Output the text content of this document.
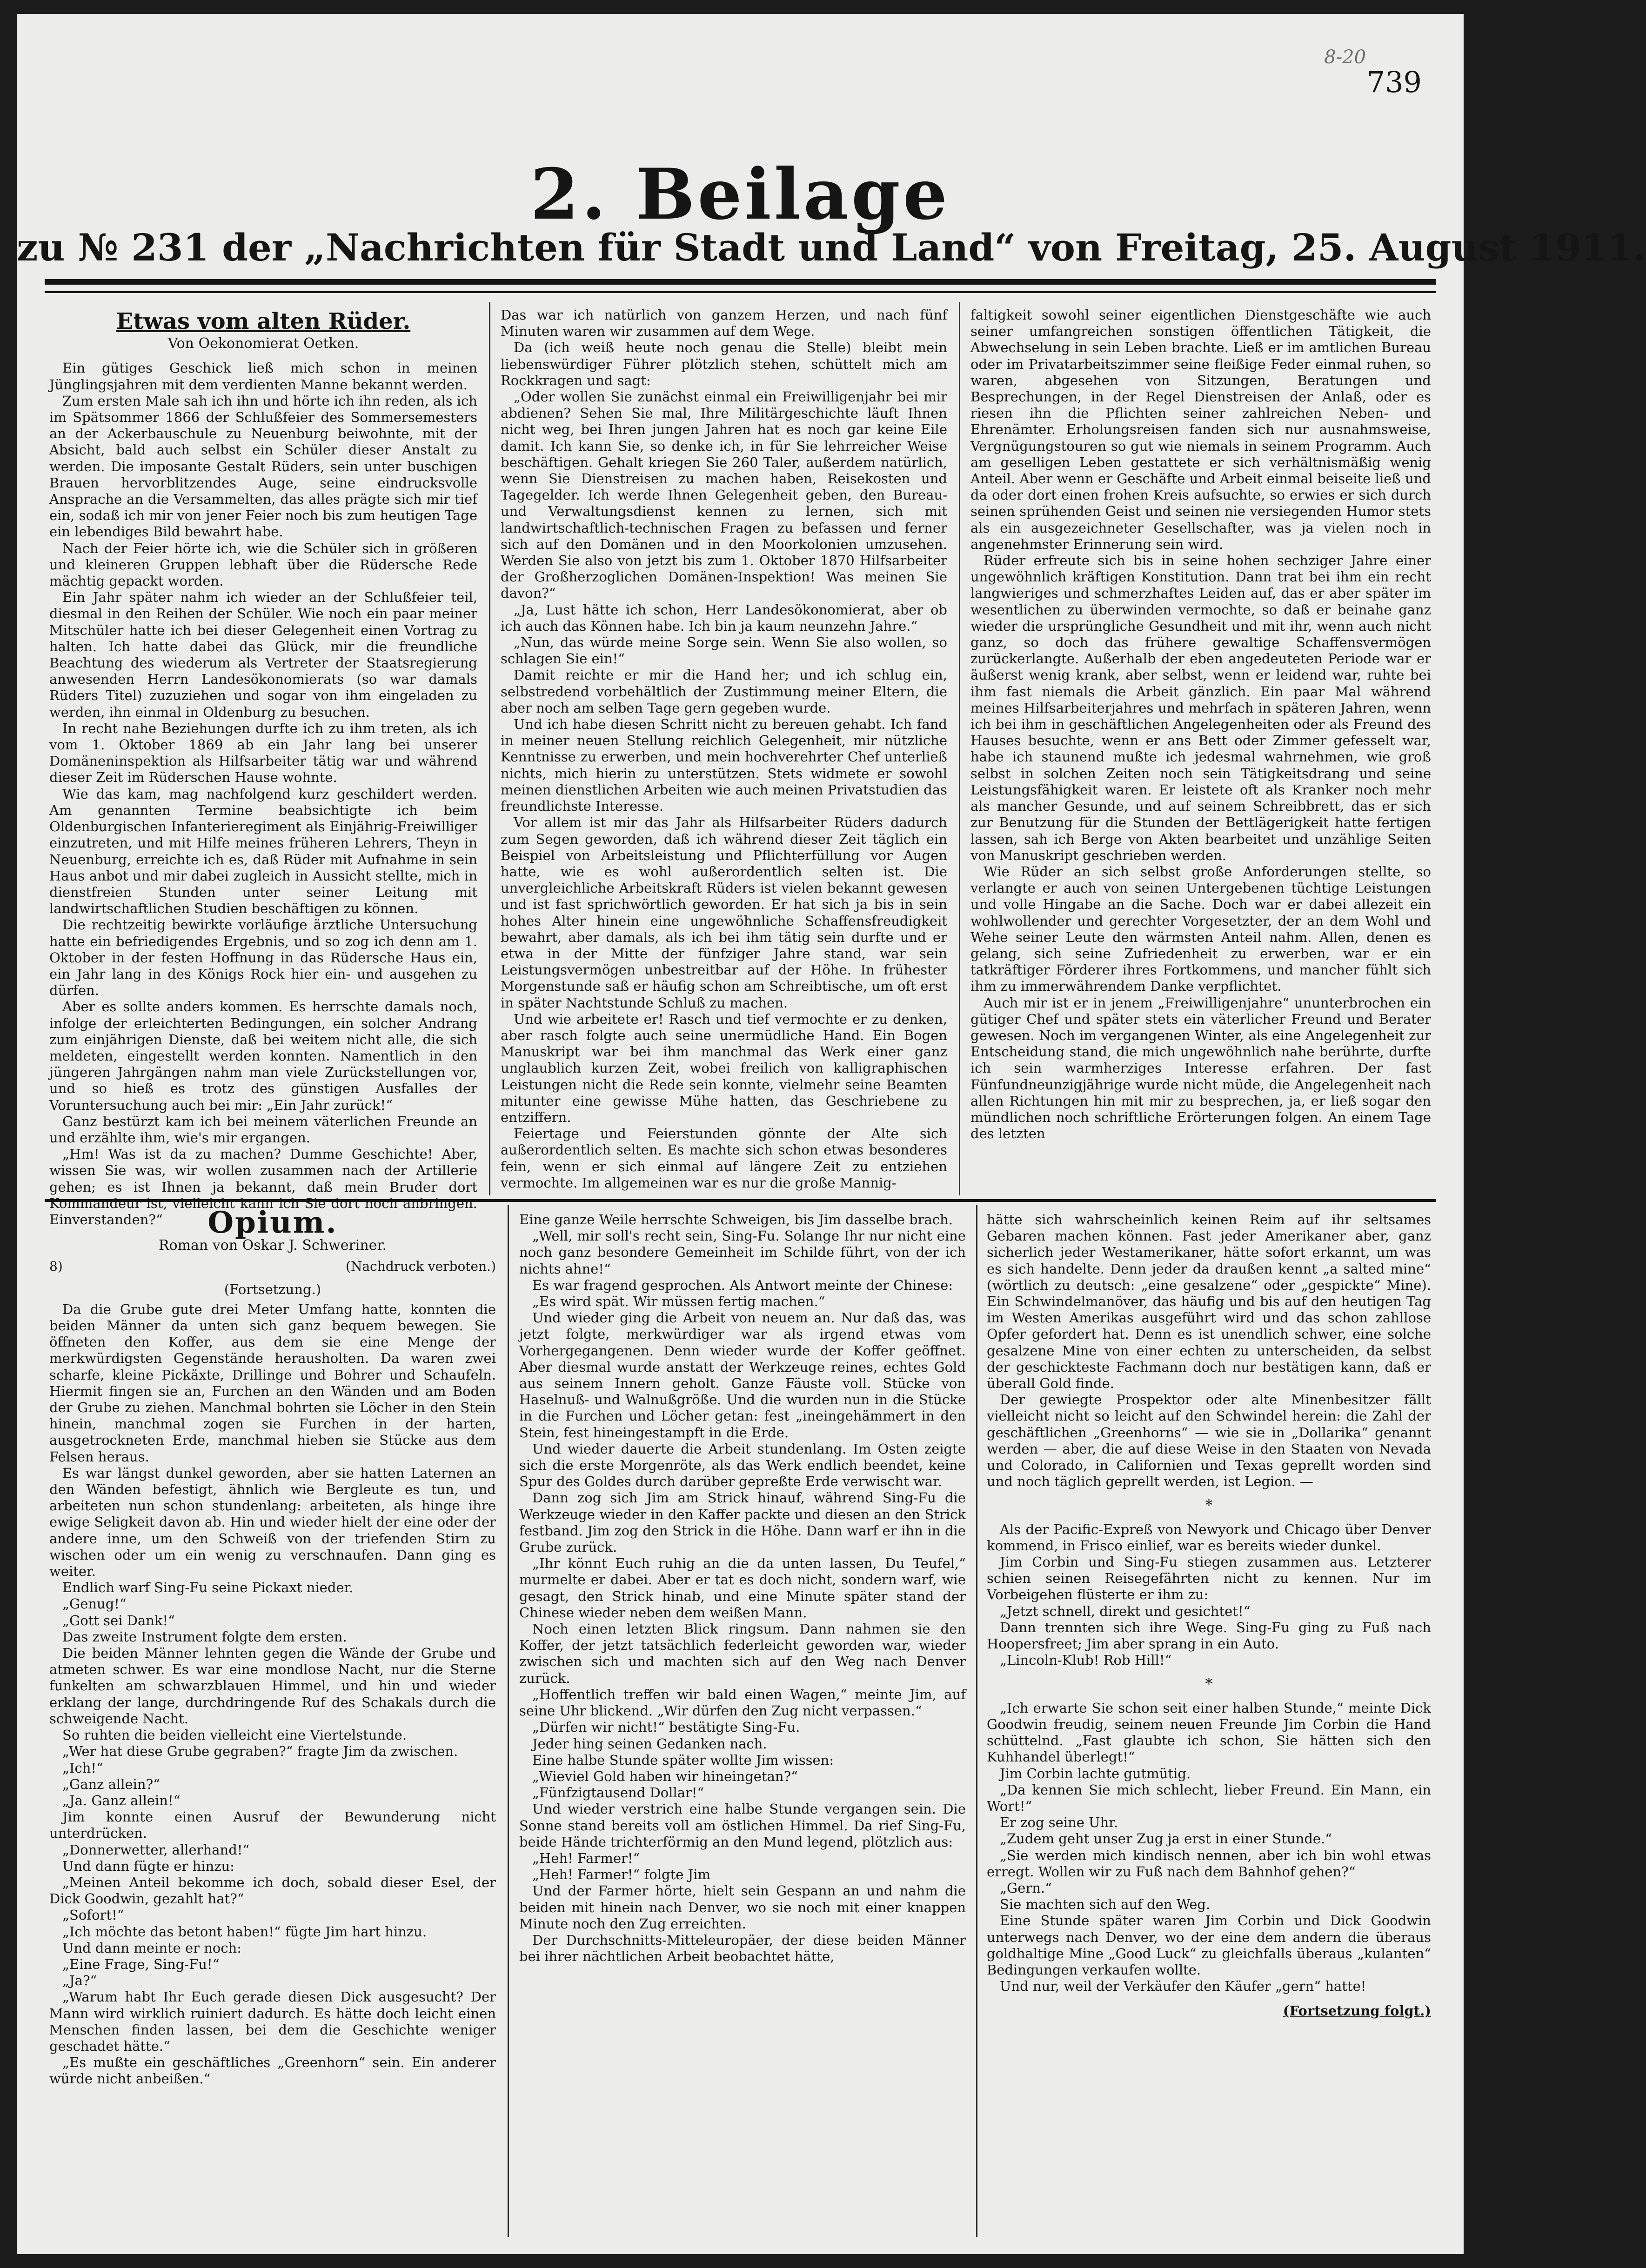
8-20
739
2. Beilage
zu № 231 der „Nachrichten für Stadt und Land“ von Freitag, 25. August 1911.
Etwas vom alten Rüder.
Von Oekonomierat Oetken.

Ein gütiges Geschick ließ mich schon in meinen Jünglingsjahren mit dem verdienten Manne bekannt werden.

Zum ersten Male sah ich ihn und hörte ich ihn reden, als ich im Spätsommer 1866 der Schlußfeier des Sommersemesters an der Ackerbauschule zu Neuenburg beiwohnte, mit der Absicht, bald auch selbst ein Schüler dieser Anstalt zu werden. Die imposante Gestalt Rüders, sein unter buschigen Brauen hervorblitzendes Auge, seine eindrucksvolle Ansprache an die Versammelten, das alles prägte sich mir tief ein, sodaß ich mir von jener Feier noch bis zum heutigen Tage ein lebendiges Bild bewahrt habe.

Nach der Feier hörte ich, wie die Schüler sich in größeren und kleineren Gruppen lebhaft über die Rüdersche Rede mächtig gepackt worden.

Ein Jahr später nahm ich wieder an der Schlußfeier teil, diesmal in den Reihen der Schüler. Wie noch ein paar meiner Mitschüler hatte ich bei dieser Gelegenheit einen Vortrag zu halten. Ich hatte dabei das Glück, mir die freundliche Beachtung des wiederum als Vertreter der Staatsregierung anwesenden Herrn Landesökonomierats (so war damals Rüders Titel) zuzuziehen und sogar von ihm eingeladen zu werden, ihn einmal in Oldenburg zu besuchen.

In recht nahe Beziehungen durfte ich zu ihm treten, als ich vom 1. Oktober 1869 ab ein Jahr lang bei unserer Domäneninspektion als Hilfsarbeiter tätig war und während dieser Zeit im Rüderschen Hause wohnte.

Wie das kam, mag nachfolgend kurz geschildert werden. Am genannten Termine beabsichtigte ich beim Oldenburgischen Infanterieregiment als Einjährig-Freiwilliger einzutreten, und mit Hilfe meines früheren Lehrers, Theyn in Neuenburg, erreichte ich es, daß Rüder mit Aufnahme in sein Haus anbot und mir dabei zugleich in Aussicht stellte, mich in dienstfreien Stunden unter seiner Leitung mit landwirtschaftlichen Studien beschäftigen zu können.

Die rechtzeitig bewirkte vorläufige ärztliche Untersuchung hatte ein befriedigendes Ergebnis, und so zog ich denn am 1. Oktober in der festen Hoffnung in das Rüdersche Haus ein, ein Jahr lang in des Königs Rock hier ein- und ausgehen zu dürfen.

Aber es sollte anders kommen. Es herrschte damals noch, infolge der erleichterten Bedingungen, ein solcher Andrang zum einjährigen Dienste, daß bei weitem nicht alle, die sich meldeten, eingestellt werden konnten. Namentlich in den jüngeren Jahrgängen nahm man viele Zurückstellungen vor, und so hieß es trotz des günstigen Ausfalles der Voruntersuchung auch bei mir: „Ein Jahr zurück!“

Ganz bestürzt kam ich bei meinem väterlichen Freunde an und erzählte ihm, wie's mir ergangen.

„Hm! Was ist da zu machen? Dumme Geschichte! Aber, wissen Sie was, wir wollen zusammen nach der Artillerie gehen; es ist Ihnen ja bekannt, daß mein Bruder dort Kommandeur ist, vielleicht kann ich Sie dort noch anbringen. Einverstanden?“

Das war ich natürlich von ganzem Herzen, und nach fünf Minuten waren wir zusammen auf dem Wege.

Da (ich weiß heute noch genau die Stelle) bleibt mein liebenswürdiger Führer plötzlich stehen, schüttelt mich am Rockkragen und sagt:

„Oder wollen Sie zunächst einmal ein Freiwilligenjahr bei mir abdienen? Sehen Sie mal, Ihre Militärgeschichte läuft Ihnen nicht weg, bei Ihren jungen Jahren hat es noch gar keine Eile damit. Ich kann Sie, so denke ich, in für Sie lehrreicher Weise beschäftigen. Gehalt kriegen Sie 260 Taler, außerdem natürlich, wenn Sie Dienstreisen zu machen haben, Reisekosten und Tagegelder. Ich werde Ihnen Gelegenheit geben, den Bureau- und Verwaltungsdienst kennen zu lernen, sich mit landwirtschaftlich-technischen Fragen zu befassen und ferner sich auf den Domänen und in den Moorkolonien umzusehen. Werden Sie also von jetzt bis zum 1. Oktober 1870 Hilfsarbeiter der Großherzoglichen Domänen-Inspektion! Was meinen Sie davon?“

„Ja, Lust hätte ich schon, Herr Landesökonomierat, aber ob ich auch das Können habe. Ich bin ja kaum neunzehn Jahre.“

„Nun, das würde meine Sorge sein. Wenn Sie also wollen, so schlagen Sie ein!“

Damit reichte er mir die Hand her; und ich schlug ein, selbstredend vorbehältlich der Zustimmung meiner Eltern, die aber noch am selben Tage gern gegeben wurde.

Und ich habe diesen Schritt nicht zu bereuen gehabt. Ich fand in meiner neuen Stellung reichlich Gelegenheit, mir nützliche Kenntnisse zu erwerben, und mein hochverehrter Chef unterließ nichts, mich hierin zu unterstützen. Stets widmete er sowohl meinen dienstlichen Arbeiten wie auch meinen Privatstudien das freundlichste Interesse.

Vor allem ist mir das Jahr als Hilfsarbeiter Rüders dadurch zum Segen geworden, daß ich während dieser Zeit täglich ein Beispiel von Arbeitsleistung und Pflichterfüllung vor Augen hatte, wie es wohl außerordentlich selten ist. Die unvergleichliche Arbeitskraft Rüders ist vielen bekannt gewesen und ist fast sprichwörtlich geworden. Er hat sich ja bis in sein hohes Alter hinein eine ungewöhnliche Schaffensfreudigkeit bewahrt, aber damals, als ich bei ihm tätig sein durfte und er etwa in der Mitte der fünfziger Jahre stand, war sein Leistungsvermögen unbestreitbar auf der Höhe. In frühester Morgenstunde saß er häufig schon am Schreibtische, um oft erst in später Nachtstunde Schluß zu machen.

Und wie arbeitete er! Rasch und tief vermochte er zu denken, aber rasch folgte auch seine unermüdliche Hand. Ein Bogen Manuskript war bei ihm manchmal das Werk einer ganz unglaublich kurzen Zeit, wobei freilich von kalligraphischen Leistungen nicht die Rede sein konnte, vielmehr seine Beamten mitunter eine gewisse Mühe hatten, das Geschriebene zu entziffern.

Feiertage und Feierstunden gönnte der Alte sich außerordentlich selten. Es machte sich schon etwas besonderes fein, wenn er sich einmal auf längere Zeit zu entziehen vermochte. Im allgemeinen war es nur die große Mannig-

faltigkeit sowohl seiner eigentlichen Dienstgeschäfte wie auch seiner umfangreichen sonstigen öffentlichen Tätigkeit, die Abwechselung in sein Leben brachte. Ließ er im amtlichen Bureau oder im Privatarbeitszimmer seine fleißige Feder einmal ruhen, so waren, abgesehen von Sitzungen, Beratungen und Besprechungen, in der Regel Dienstreisen der Anlaß, oder es riesen ihn die Pflichten seiner zahlreichen Neben- und Ehrenämter. Erholungsreisen fanden sich nur ausnahmsweise, Vergnügungstouren so gut wie niemals in seinem Programm. Auch am geselligen Leben gestattete er sich verhältnismäßig wenig Anteil. Aber wenn er Geschäfte und Arbeit einmal beiseite ließ und da oder dort einen frohen Kreis aufsuchte, so erwies er sich durch seinen sprühenden Geist und seinen nie versiegenden Humor stets als ein ausgezeichneter Gesellschafter, was ja vielen noch in angenehmster Erinnerung sein wird.

Rüder erfreute sich bis in seine hohen sechziger Jahre einer ungewöhnlich kräftigen Konstitution. Dann trat bei ihm ein recht langwieriges und schmerzhaftes Leiden auf, das er aber später im wesentlichen zu überwinden vermochte, so daß er beinahe ganz wieder die ursprüngliche Gesundheit und mit ihr, wenn auch nicht ganz, so doch das frühere gewaltige Schaffensvermögen zurückerlangte. Außerhalb der eben angedeuteten Periode war er äußerst wenig krank, aber selbst, wenn er leidend war, ruhte bei ihm fast niemals die Arbeit gänzlich. Ein paar Mal während meines Hilfsarbeiterjahres und mehrfach in späteren Jahren, wenn ich bei ihm in geschäftlichen Angelegenheiten oder als Freund des Hauses besuchte, wenn er ans Bett oder Zimmer gefesselt war, habe ich staunend mußte ich jedesmal wahrnehmen, wie groß selbst in solchen Zeiten noch sein Tätigkeitsdrang und seine Leistungsfähigkeit waren. Er leistete oft als Kranker noch mehr als mancher Gesunde, und auf seinem Schreibbrett, das er sich zur Benutzung für die Stunden der Bettlägerigkeit hatte fertigen lassen, sah ich Berge von Akten bearbeitet und unzählige Seiten von Manuskript geschrieben werden.

Wie Rüder an sich selbst große Anforderungen stellte, so verlangte er auch von seinen Untergebenen tüchtige Leistungen und volle Hingabe an die Sache. Doch war er dabei allezeit ein wohlwollender und gerechter Vorgesetzter, der an dem Wohl und Wehe seiner Leute den wärmsten Anteil nahm. Allen, denen es gelang, sich seine Zufriedenheit zu erwerben, war er ein tatkräftiger Förderer ihres Fortkommens, und mancher fühlt sich ihm zu immerwährendem Danke verpflichtet.

Auch mir ist er in jenem „Freiwilligenjahre“ ununterbrochen ein gütiger Chef und später stets ein väterlicher Freund und Berater gewesen. Noch im vergangenen Winter, als eine Angelegenheit zur Entscheidung stand, die mich ungewöhnlich nahe berührte, durfte ich sein warmherziges Interesse erfahren. Der fast Fünfundneunzigjährige wurde nicht müde, die Angelegenheit nach allen Richtungen hin mit mir zu besprechen, ja, er ließ sogar den mündlichen noch schriftliche Erörterungen folgen. An einem Tage des letzten

Opium.
Roman von Oskar J. Schweriner.
8)	(Nachdruck verboten.)
(Fortsetzung.)

Da die Grube gute drei Meter Umfang hatte, konnten die beiden Männer da unten sich ganz bequem bewegen. Sie öffneten den Koffer, aus dem sie eine Menge der merkwürdigsten Gegenstände herausholten. Da waren zwei scharfe, kleine Pickäxte, Drillinge und Bohrer und Schaufeln. Hiermit fingen sie an, Furchen an den Wänden und am Boden der Grube zu ziehen. Manchmal bohrten sie Löcher in den Stein hinein, manchmal zogen sie Furchen in der harten, ausgetrockneten Erde, manchmal hieben sie Stücke aus dem Felsen heraus.

Es war längst dunkel geworden, aber sie hatten Laternen an den Wänden befestigt, ähnlich wie Bergleute es tun, und arbeiteten nun schon stundenlang: arbeiteten, als hinge ihre ewige Seligkeit davon ab. Hin und wieder hielt der eine oder der andere inne, um den Schweiß von der triefenden Stirn zu wischen oder um ein wenig zu verschnaufen. Dann ging es weiter.

Endlich warf Sing-Fu seine Pickaxt nieder.

„Genug!“

„Gott sei Dank!“

Das zweite Instrument folgte dem ersten.

Die beiden Männer lehnten gegen die Wände der Grube und atmeten schwer. Es war eine mondlose Nacht, nur die Sterne funkelten am schwarzblauen Himmel, und hin und wieder erklang der lange, durchdringende Ruf des Schakals durch die schweigende Nacht.

So ruhten die beiden vielleicht eine Viertelstunde.

„Wer hat diese Grube gegraben?“ fragte Jim da zwischen.

„Ich!“

„Ganz allein?“

„Ja. Ganz allein!“

Jim konnte einen Ausruf der Bewunderung nicht unterdrücken.

„Donnerwetter, allerhand!“

Und dann fügte er hinzu:

„Meinen Anteil bekomme ich doch, sobald dieser Esel, der Dick Goodwin, gezahlt hat?“

„Sofort!“

„Ich möchte das betont haben!“ fügte Jim hart hinzu.

Und dann meinte er noch:

„Eine Frage, Sing-Fu!“

„Ja?“

„Warum habt Ihr Euch gerade diesen Dick ausgesucht? Der Mann wird wirklich ruiniert dadurch. Es hätte doch leicht einen Menschen finden lassen, bei dem die Geschichte weniger geschadet hätte.“

„Es mußte ein geschäftliches „Greenhorn“ sein. Ein anderer würde nicht anbeißen.“

Eine ganze Weile herrschte Schweigen, bis Jim dasselbe brach.

„Well, mir soll's recht sein, Sing-Fu. Solange Ihr nur nicht eine noch ganz besondere Gemeinheit im Schilde führt, von der ich nichts ahne!“

Es war fragend gesprochen. Als Antwort meinte der Chinese:

„Es wird spät. Wir müssen fertig machen.“

Und wieder ging die Arbeit von neuem an. Nur daß das, was jetzt folgte, merkwürdiger war als irgend etwas vom Vorhergegangenen. Denn wieder wurde der Koffer geöffnet. Aber diesmal wurde anstatt der Werkzeuge reines, echtes Gold aus seinem Innern geholt. Ganze Fäuste voll. Stücke von Haselnuß- und Walnußgröße. Und die wurden nun in die Stücke in die Furchen und Löcher getan: fest „ineingehämmert in den Stein, fest hineingestampft in die Erde.

Und wieder dauerte die Arbeit stundenlang. Im Osten zeigte sich die erste Morgenröte, als das Werk endlich beendet, keine Spur des Goldes durch darüber gepreßte Erde verwischt war.

Dann zog sich Jim am Strick hinauf, während Sing-Fu die Werkzeuge wieder in den Kaffer packte und diesen an den Strick festband. Jim zog den Strick in die Höhe. Dann warf er ihn in die Grube zurück.

„Ihr könnt Euch ruhig an die da unten lassen, Du Teufel,“ murmelte er dabei. Aber er tat es doch nicht, sondern warf, wie gesagt, den Strick hinab, und eine Minute später stand der Chinese wieder neben dem weißen Mann.

Noch einen letzten Blick ringsum. Dann nahmen sie den Koffer, der jetzt tatsächlich federleicht geworden war, wieder zwischen sich und machten sich auf den Weg nach Denver zurück.

„Hoffentlich treffen wir bald einen Wagen,“ meinte Jim, auf seine Uhr blickend. „Wir dürfen den Zug nicht verpassen.“

„Dürfen wir nicht!“ bestätigte Sing-Fu.

Jeder hing seinen Gedanken nach.

Eine halbe Stunde später wollte Jim wissen:

„Wieviel Gold haben wir hineingetan?“

„Fünfzigtausend Dollar!“

Und wieder verstrich eine halbe Stunde vergangen sein. Die Sonne stand bereits voll am östlichen Himmel. Da rief Sing-Fu, beide Hände trichterförmig an den Mund legend, plötzlich aus:

„Heh! Farmer!“

„Heh! Farmer!“ folgte Jim

Und der Farmer hörte, hielt sein Gespann an und nahm die beiden mit hinein nach Denver, wo sie noch mit einer knappen Minute noch den Zug erreichten.

Der Durchschnitts-Mitteleuropäer, der diese beiden Männer bei ihrer nächtlichen Arbeit beobachtet hätte,

hätte sich wahrscheinlich keinen Reim auf ihr seltsames Gebaren machen können. Fast jeder Amerikaner aber, ganz sicherlich jeder Westamerikaner, hätte sofort erkannt, um was es sich handelte. Denn jeder da draußen kennt „a salted mine“ (wörtlich zu deutsch: „eine gesalzene“ oder „gespickte“ Mine). Ein Schwindelmanöver, das häufig und bis auf den heutigen Tag im Westen Amerikas ausgeführt wird und das schon zahllose Opfer gefordert hat. Denn es ist unendlich schwer, eine solche gesalzene Mine von einer echten zu unterscheiden, da selbst der geschickteste Fachmann doch nur bestätigen kann, daß er überall Gold finde.

Der gewiegte Prospektor oder alte Minenbesitzer fällt vielleicht nicht so leicht auf den Schwindel herein: die Zahl der geschäftlichen „Greenhorns“ — wie sie in „Dollarika“ genannt werden — aber, die auf diese Weise in den Staaten von Nevada und Colorado, in Californien und Texas geprellt worden sind und noch täglich geprellt werden, ist Legion. —

*

Als der Pacific-Expreß von Newyork und Chicago über Denver kommend, in Frisco einlief, war es bereits wieder dunkel.

Jim Corbin und Sing-Fu stiegen zusammen aus. Letzterer schien seinen Reisegefährten nicht zu kennen. Nur im Vorbeigehen flüsterte er ihm zu:

„Jetzt schnell, direkt und gesichtet!“

Dann trennten sich ihre Wege. Sing-Fu ging zu Fuß nach Hoopersfreet; Jim aber sprang in ein Auto.

„Lincoln-Klub! Rob Hill!“

*

„Ich erwarte Sie schon seit einer halben Stunde,“ meinte Dick Goodwin freudig, seinem neuen Freunde Jim Corbin die Hand schüttelnd. „Fast glaubte ich schon, Sie hätten sich den Kuhhandel überlegt!“

Jim Corbin lachte gutmütig.

„Da kennen Sie mich schlecht, lieber Freund. Ein Mann, ein Wort!“

Er zog seine Uhr.

„Zudem geht unser Zug ja erst in einer Stunde.“

„Sie werden mich kindisch nennen, aber ich bin wohl etwas erregt. Wollen wir zu Fuß nach dem Bahnhof gehen?“

„Gern.“

Sie machten sich auf den Weg.

Eine Stunde später waren Jim Corbin und Dick Goodwin unterwegs nach Denver, wo der eine dem andern die überaus goldhaltige Mine „Good Luck“ zu gleichfalls überaus „kulanten“ Bedingungen verkaufen wollte.

Und nur, weil der Verkäufer den Käufer „gern“ hatte!

(Fortsetzung folgt.)
